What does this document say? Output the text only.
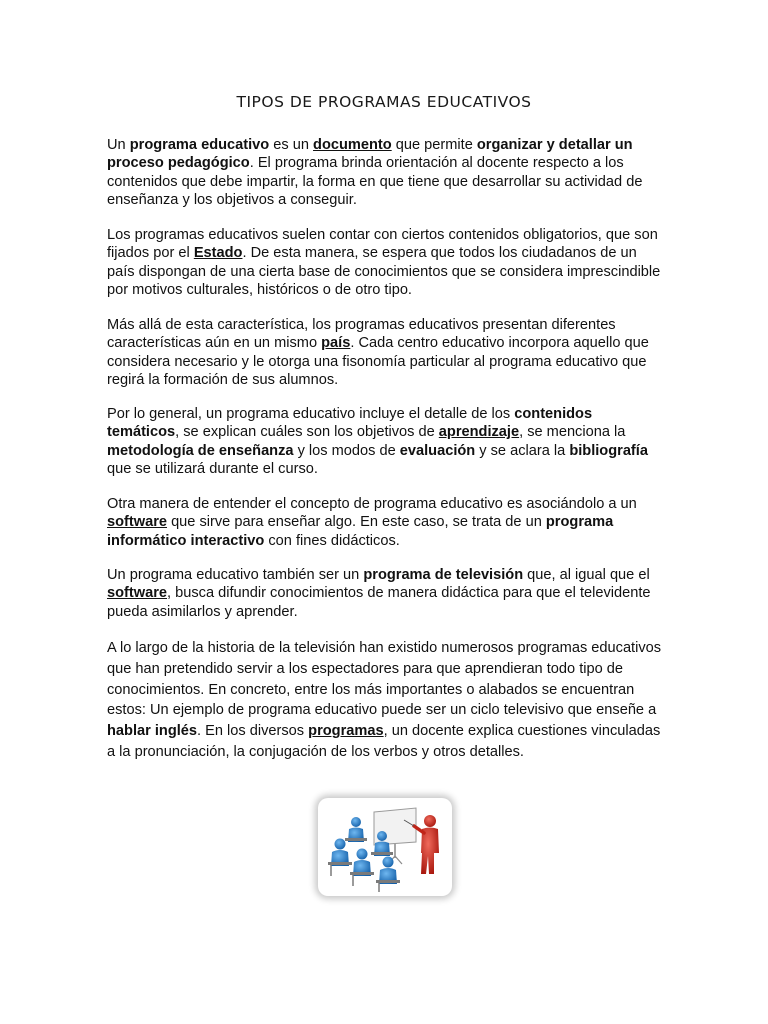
TIPOS DE PROGRAMAS EDUCATIVOS

Un programa educativo es un documento que permite organizar y detallar un proceso pedagógico. El programa brinda orientación al docente respecto a los contenidos que debe impartir, la forma en que tiene que desarrollar su actividad de enseñanza y los objetivos a conseguir.

Los programas educativos suelen contar con ciertos contenidos obligatorios, que son fijados por el Estado. De esta manera, se espera que todos los ciudadanos de un país dispongan de una cierta base de conocimientos que se considera imprescindible por motivos culturales, históricos o de otro tipo.

Más allá de esta característica, los programas educativos presentan diferentes características aún en un mismo país. Cada centro educativo incorpora aquello que considera necesario y le otorga una fisonomía particular al programa educativo que regirá la formación de sus alumnos.

Por lo general, un programa educativo incluye el detalle de los contenidos temáticos, se explican cuáles son los objetivos de aprendizaje, se menciona la metodología de enseñanza y los modos de evaluación y se aclara la bibliografía que se utilizará durante el curso.

Otra manera de entender el concepto de programa educativo es asociándolo a un software que sirve para enseñar algo. En este caso, se trata de un programa informático interactivo con fines didácticos.

Un programa educativo también ser un programa de televisión que, al igual que el software, busca difundir conocimientos de manera didáctica para que el televidente pueda asimilarlos y aprender.

A lo largo de la historia de la televisión han existido numerosos programas educativos que han pretendido servir a los espectadores para que aprendieran todo tipo de conocimientos. En concreto, entre los más importantes o alabados se encuentran estos: Un ejemplo de programa educativo puede ser un ciclo televisivo que enseñe a hablar inglés. En los diversos programas, un docente explica cuestiones vinculadas a la pronunciación, la conjugación de los verbos y otros detalles.
